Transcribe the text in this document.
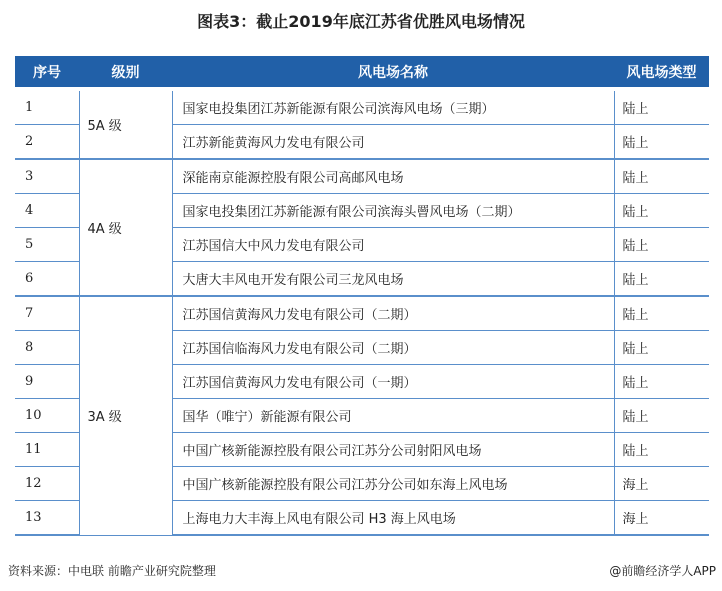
图表3：截止2019年底江苏省优胜风电场情况
序号	级别	风电场名称	风电场类型
1	5A 级	国家电投集团江苏新能源有限公司滨海风电场（三期）	陆上
2		江苏新能黄海风力发电有限公司	陆上
3	4A 级	深能南京能源控股有限公司高邮风电场	陆上
4		国家电投集团江苏新能源有限公司滨海头罾风电场（二期）	陆上
5		江苏国信大中风力发电有限公司	陆上
6		大唐大丰风电开发有限公司三龙风电场	陆上
7	3A 级	江苏国信黄海风力发电有限公司（二期）	陆上
8		江苏国信临海风力发电有限公司（二期）	陆上
9		江苏国信黄海风力发电有限公司（一期）	陆上
10		国华（唯宁）新能源有限公司	陆上
11		中国广核新能源控股有限公司江苏分公司射阳风电场	陆上
12		中国广核新能源控股有限公司江苏分公司如东海上风电场	海上
13		上海电力大丰海上风电有限公司 H3 海上风电场	海上
资料来源：中电联 前瞻产业研究院整理	@前瞻经济学人APP
